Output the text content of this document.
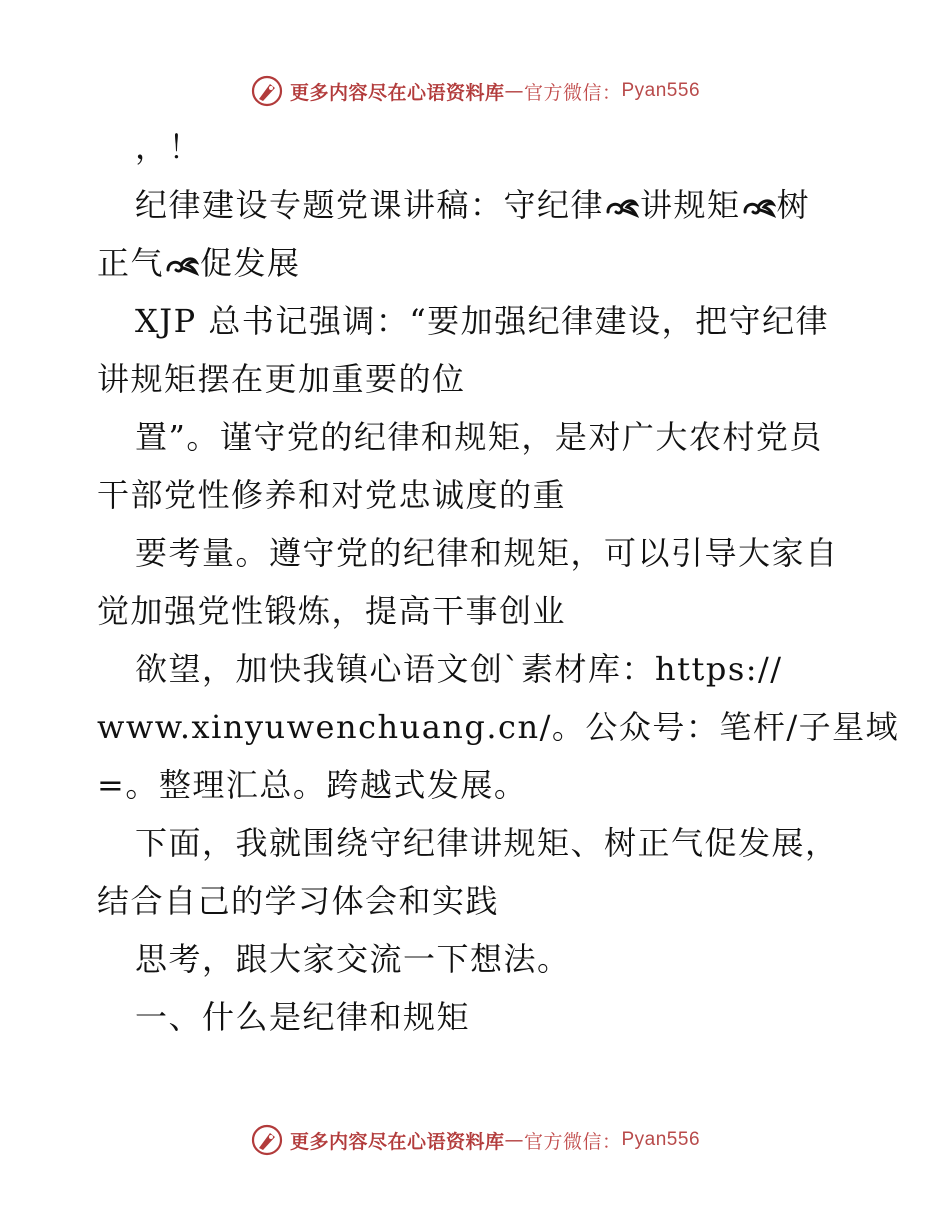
更多内容尽在心语资料库 — 官方微信： Pyan556
，！
纪律建设专题党课讲稿：守纪律 讲规矩 树
正气 促发展
XJP 总书记强调：“要加强纪律建设，把守纪律
讲规矩摆在更加重要的位
置”。谨守党的纪律和规矩，是对广大农村党员
干部党性修养和对党忠诚度的重
要考量。遵守党的纪律和规矩，可以引导大家自
觉加强党性锻炼，提高干事创业
欲望，加快我镇心语文创`素材库：https://
www.xinyuwenchuang.cn/。公众号：笔杆/子星域
=。整理汇总。跨越式发展。
下面，我就围绕守纪律讲规矩、树正气促发展，
结合自己的学习体会和实践
思考，跟大家交流一下想法。
一、什么是纪律和规矩
更多内容尽在心语资料库 — 官方微信： Pyan556
